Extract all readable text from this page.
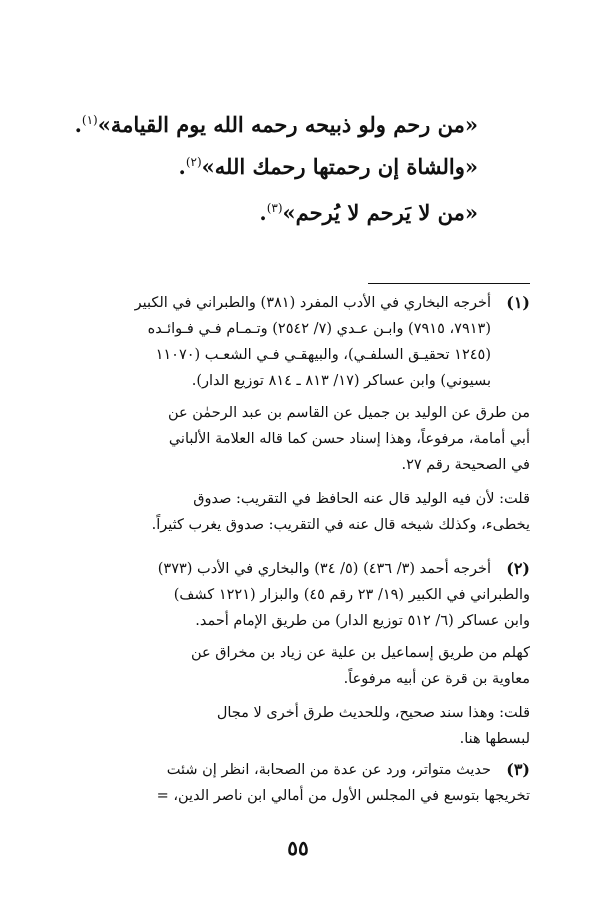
«من رحم ولو ذبيحه رحمه الله يوم القيامة»$^{(١)}$.
«والشاة إن رحمتها رحمك الله»$^{(٢)}$.
«من لا يَرحم لا يُرحم»$^{(٣)}$.
(١)
أخرجه البخاري في الأدب المفرد (٣٨١) والطبراني في الكبير
(٧٩١٣، ٧٩١٥) وابـن عـدي (٧/ ٢٥٤٢) وتـمـام فـي فـوائـده
(١٢٤٥ تحقيـق السلفـي)، والبيهقـي فـي الشعـب (١١٠٧٠
بسيوني) وابن عساكر (١٧/ ٨١٣ ـ ٨١٤ توزيع الدار).
من طرق عن الوليد بن جميل عن القاسم بن عبد الرحمٰن عن
أبي أمامة، مرفوعاً، وهذا إسناد حسن كما قاله العلامة الألباني
في الصحيحة رقم ٢٧.
قلت: لأن فيه الوليد قال عنه الحافظ في التقريب: صدوق
يخطىء، وكذلك شيخه قال عنه في التقريب: صدوق يغرب كثيراً.
(٢)
أخرجه أحمد (٣/ ٤٣٦) (٥/ ٣٤) والبخاري في الأدب (٣٧٣)
والطبراني في الكبير (١٩/ ٢٣ رقم ٤٥) والبزار (١٢٢١ كشف)
وابن عساكر (٦/ ٥١٢ توزيع الدار) من طريق الإمام أحمد.
كهلم من طريق إسماعيل بن علية عن زياد بن مخراق عن
معاوية بن قرة عن أبيه مرفوعاً.
قلت: وهذا سند صحيح، وللحديث طرق أخرى لا مجال
لبسطها هنا.
(٣)
حديث متواتر، ورد عن عدة من الصحابة، انظر إن شئت
تخريجها بتوسع في المجلس الأول من أمالي ابن ناصر الدين، =
٥٥
